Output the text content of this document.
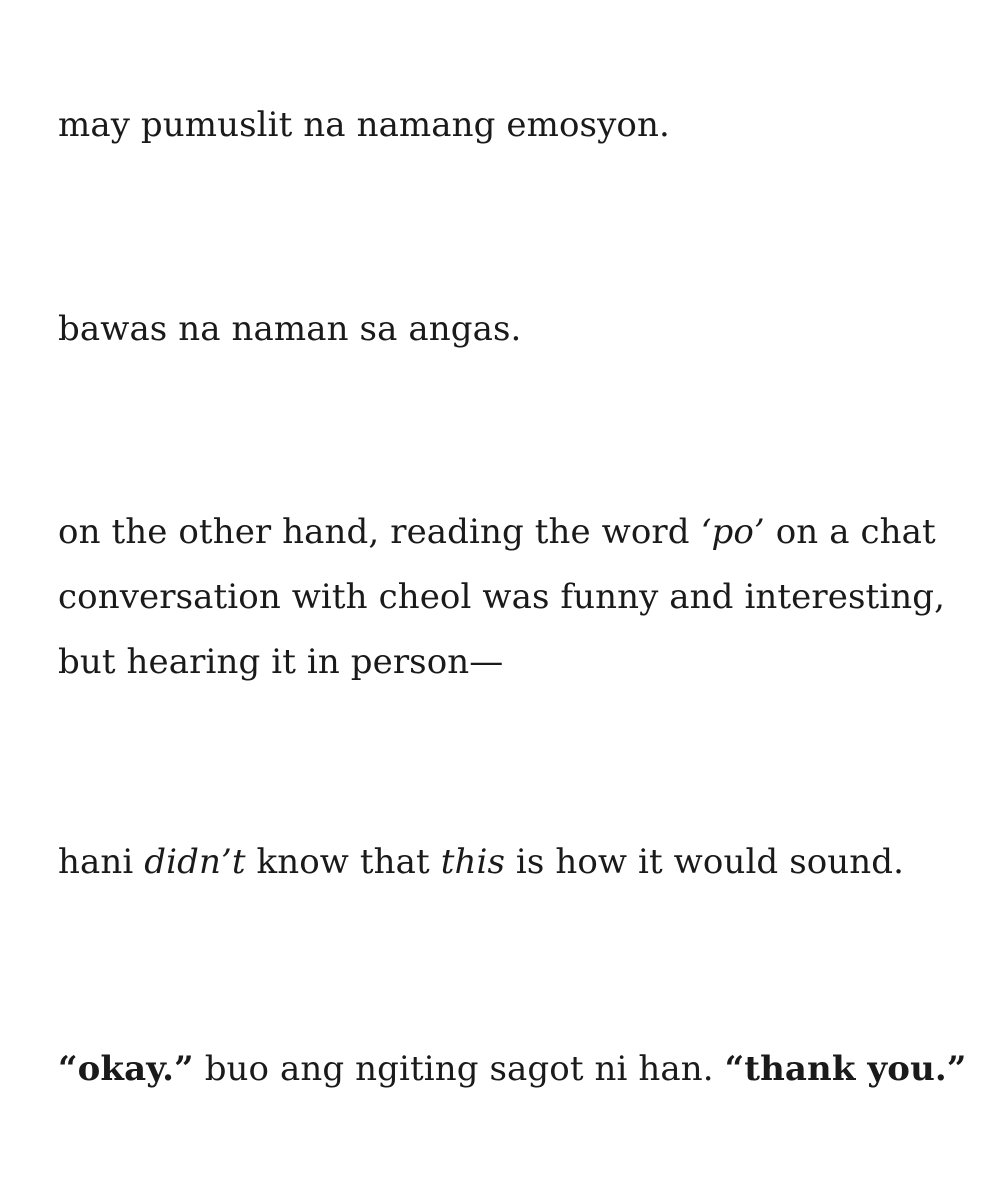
may pumuslit na namang emosyon.

bawas na naman sa angas.

on the other hand, reading the word ‘po’ on a chat
conversation with cheol was funny and interesting,
but hearing it in person—

hani didn’t know that this is how it would sound.

“okay.” buo ang ngiting sagot ni han. “thank you.”
